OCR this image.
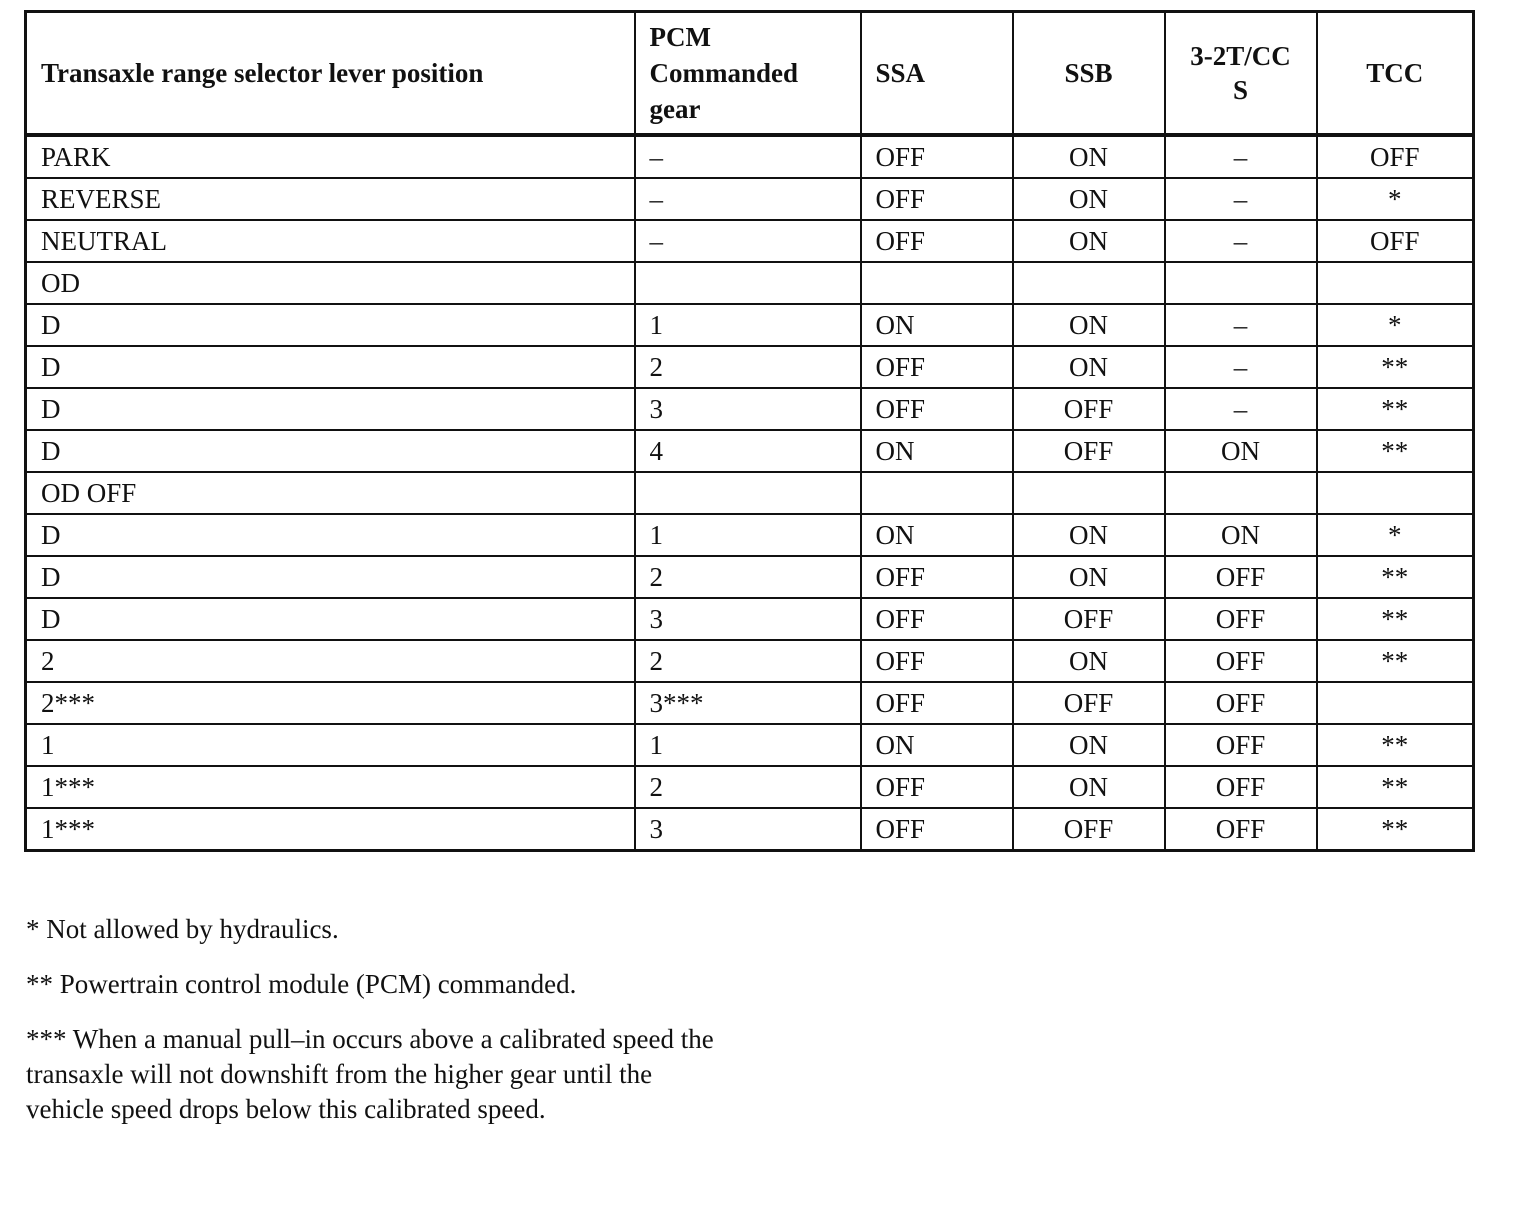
Transaxle range selector lever position	PCM Commanded gear	SSA	SSB	3-2T/CC S	TCC
PARK	–	OFF	ON	–	OFF
REVERSE	–	OFF	ON	–	*
NEUTRAL	–	OFF	ON	–	OFF
OD					
D	1	ON	ON	–	*
D	2	OFF	ON	–	**
D	3	OFF	OFF	–	**
D	4	ON	OFF	ON	**
OD OFF					
D	1	ON	ON	ON	*
D	2	OFF	ON	OFF	**
D	3	OFF	OFF	OFF	**
2	2	OFF	ON	OFF	**
2***	3***	OFF	OFF	OFF	
1	1	ON	ON	OFF	**
1***	2	OFF	ON	OFF	**
1***	3	OFF	OFF	OFF	**

* Not allowed by hydraulics.

** Powertrain control module (PCM) commanded.

*** When a manual pull–in occurs above a calibrated speed the transaxle will not downshift from the higher gear until the vehicle speed drops below this calibrated speed.
